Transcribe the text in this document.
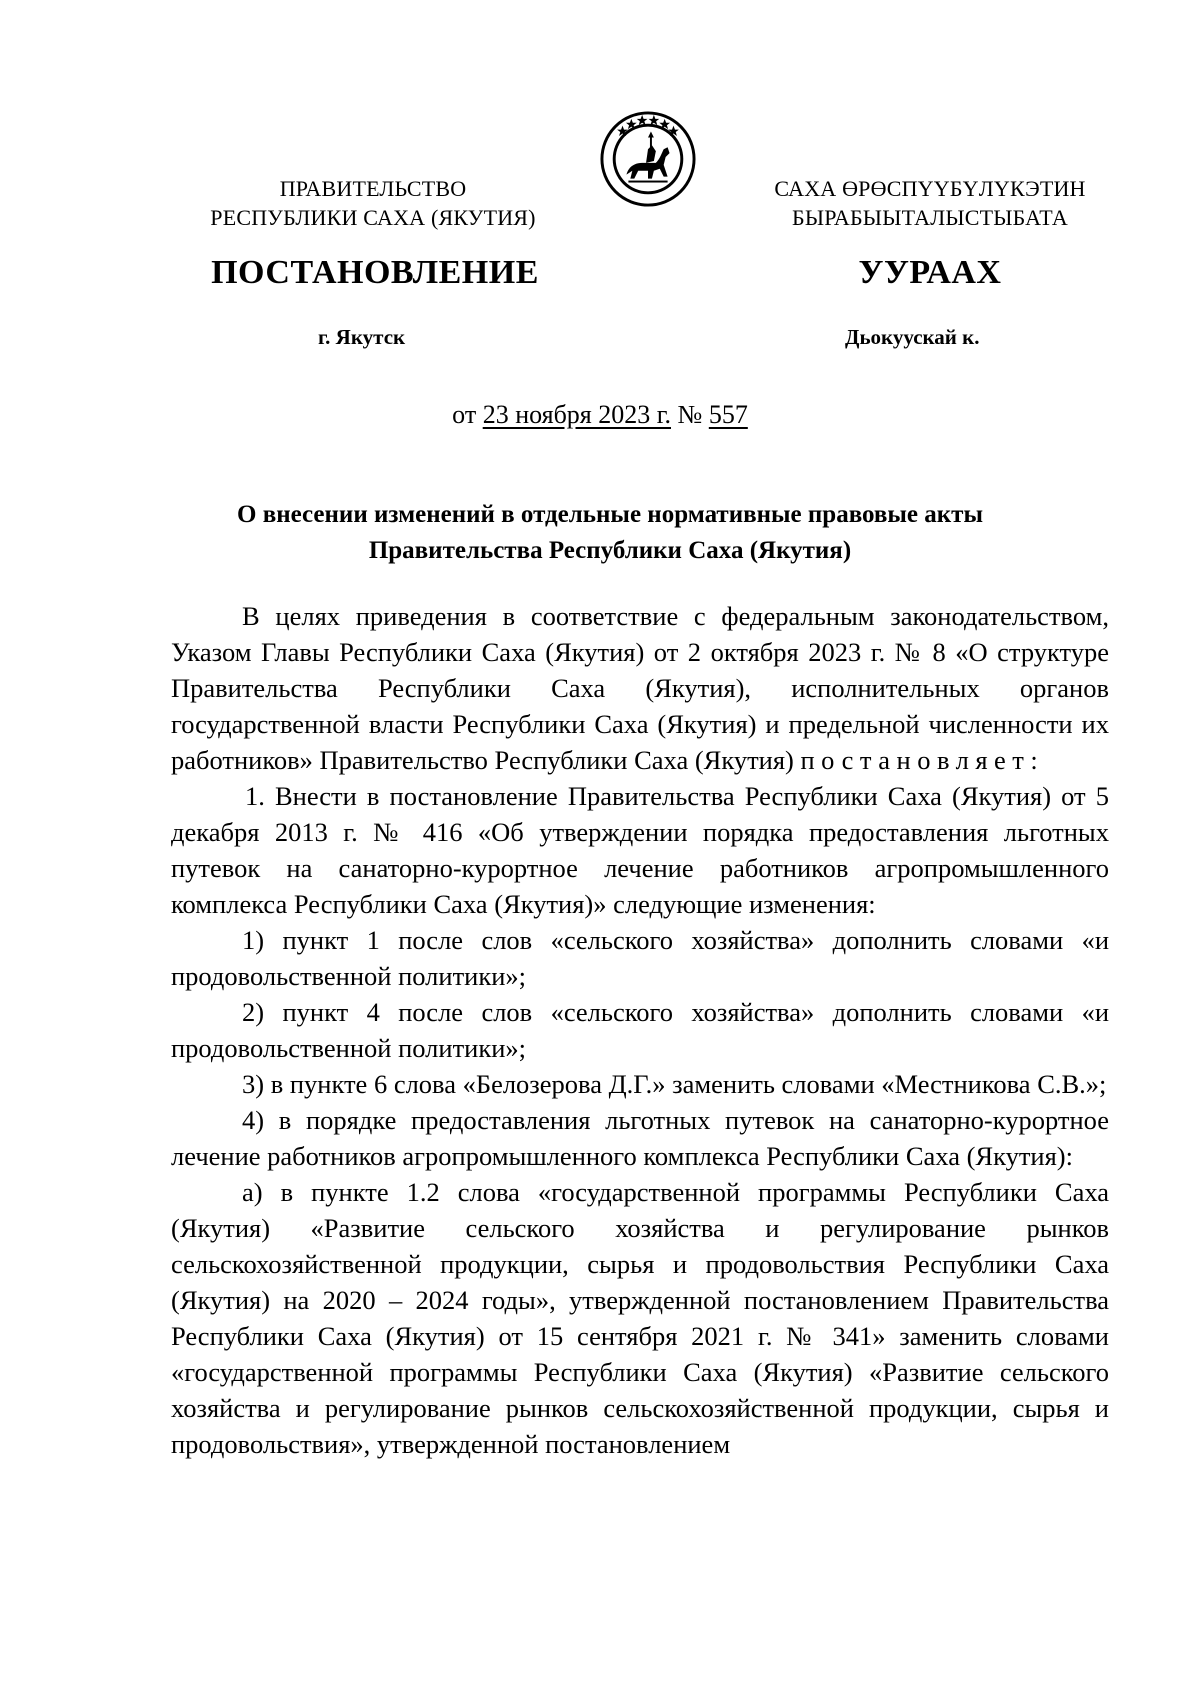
ПРАВИТЕЛЬСТВО
РЕСПУБЛИКИ САХА (ЯКУТИЯ)
САХА ӨРӨСПҮҮБҮЛҮКЭТИН
БЫРАБЫЫТАЛЫСТЫБАТА
ПОСТАНОВЛЕНИЕ	УУРААХ
г. Якутск	Дьокуускай к.
от 23 ноября 2023 г. № 557
О внесении изменений в отдельные нормативные правовые акты
Правительства Республики Саха (Якутия)

В целях приведения в соответствие с федеральным законодательством, Указом Главы Республики Саха (Якутия) от 2 октября 2023 г. № 8 «О структуре Правительства Республики Саха (Якутия), исполнительных органов государственной власти Республики Саха (Якутия) и предельной численности их работников» Правительство Республики Саха (Якутия) постановляет:

1. Внести в постановление Правительства Республики Саха (Якутия) от 5 декабря 2013 г. № 416 «Об утверждении порядка предоставления льготных путевок на санаторно-курортное лечение работников агропромышленного комплекса Республики Саха (Якутия)» следующие изменения:

1) пункт 1 после слов «сельского хозяйства» дополнить словами «и продовольственной политики»;

2) пункт 4 после слов «сельского хозяйства» дополнить словами «и продовольственной политики»;

3) в пункте 6 слова «Белозерова Д.Г.» заменить словами «Местникова С.В.»;

4) в порядке предоставления льготных путевок на санаторно-курортное лечение работников агропромышленного комплекса Республики Саха (Якутия):

а) в пункте 1.2 слова «государственной программы Республики Саха (Якутия) «Развитие сельского хозяйства и регулирование рынков сельскохозяйственной продукции, сырья и продовольствия Республики Саха (Якутия) на 2020 – 2024 годы», утвержденной постановлением Правительства Республики Саха (Якутия) от 15 сентября 2021 г. № 341» заменить словами «государственной программы Республики Саха (Якутия) «Развитие сельского хозяйства и регулирование рынков сельскохозяйственной продукции, сырья и продовольствия», утвержденной постановлением
